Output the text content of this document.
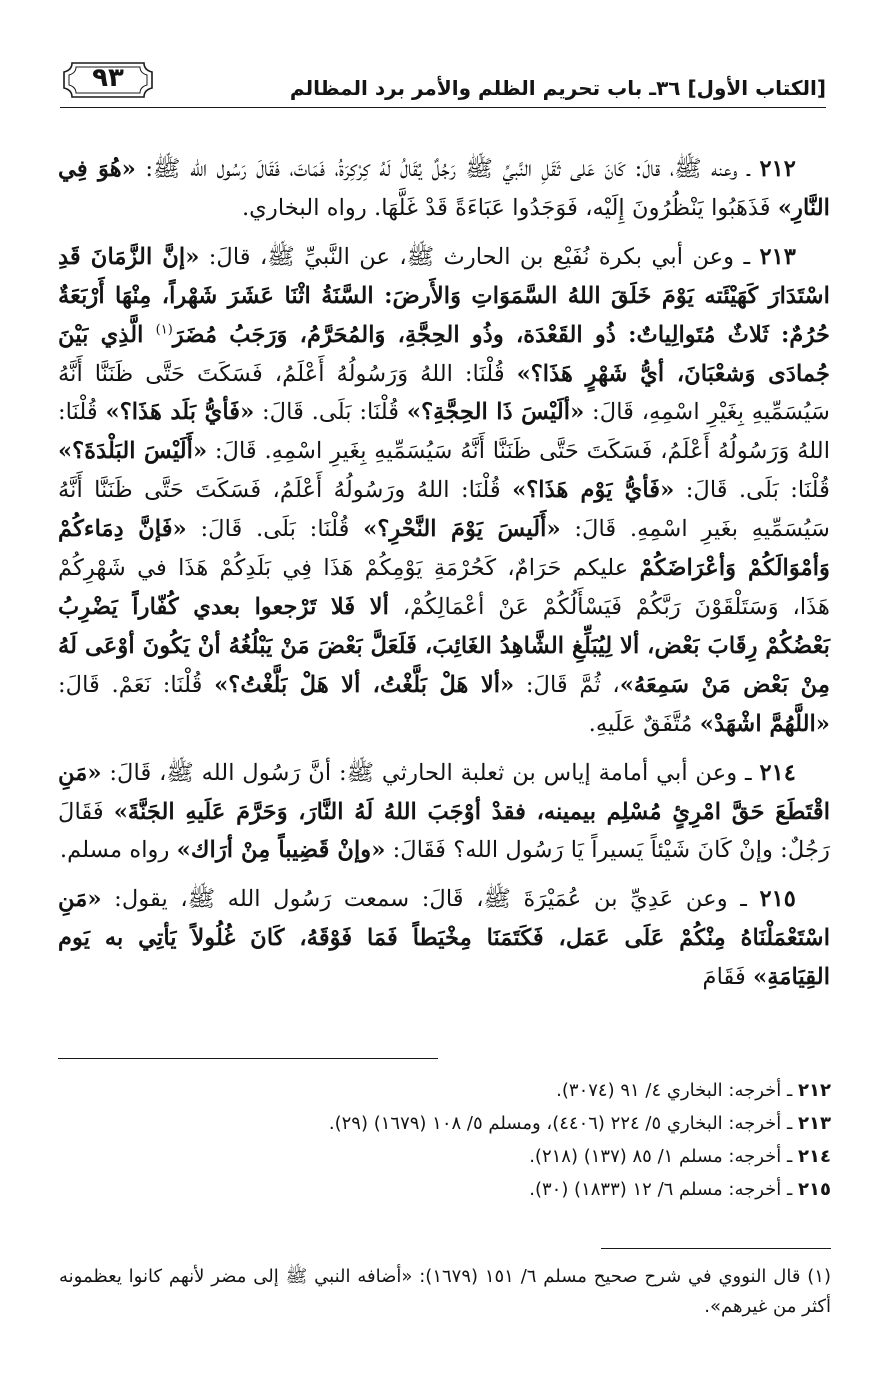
[الكتاب الأول] ٣٦ـ باب تحريم الظلم والأمر برد المظالم
٩٣

٢١٢ ـ وعنه ﷺ، قالَ: كَانَ عَلى ثَقَلِ النَّبيِّ ﷺ رَجُلٌ يُقَالُ لَهُ كِرْكِرَةُ، فَمَاتَ، فَقَالَ رَسُول الله ﷺ: «هُوَ فِي النَّارِ» فَذَهَبُوا يَنْظُرُونَ إِلَيْه، فَوَجَدُوا عَبَاءَةً قَدْ غَلَّهَا. رواه البخاري.

٢١٣ ـ وعن أبي بكرة نُفَيْع بن الحارث ﷺ، عن النَّبيِّ ﷺ، قالَ: «إنَّ الزَّمَانَ قَدِ اسْتَدَارَ كَهَيْئَته يَوْمَ خَلَقَ اللهُ السَّمَوَاتِ وَالأَرضَ: السَّنَةُ اثْنَا عَشَرَ شَهْراً، مِنْهَا أَرْبَعَةٌ حُرُمٌ: ثَلاثٌ مُتَوالِياتٌ: ذُو القَعْدَة، وذُو الحِجَّةِ، وَالمُحَرَّمُ، وَرَجَبُ مُضَرَ$^{(١)}$ الَّذِي بَيْنَ جُمادَى وَشعْبَانَ، أيُّ شَهْرٍ هَذَا؟» قُلْنَا: اللهُ وَرَسُولُهُ أَعْلَمُ، فَسَكَتَ حَتَّى ظَنَنَّا أَنَّهُ سَيُسَمِّيهِ بِغَيْرِ اسْمِهِ، قَالَ: «ألَيْسَ ذَا الحِجَّةِ؟» قُلْنَا: بَلَى. قَالَ: «فَأيُّ بَلَد هَذَا؟» قُلْنَا: اللهُ وَرَسُولُهُ أَعْلَمُ، فَسَكَتَ حَتَّى ظَنَنَّا أَنَّهُ سَيُسَمِّيهِ بِغَيرِ اسْمِهِ. قَالَ: «أَلَيْسَ البَلْدَةَ؟» قُلْنَا: بَلَى. قَالَ: «فَأيُّ يَوْم هَذَا؟» قُلْنَا: اللهُ ورَسُولُهُ أَعْلَمُ، فَسَكَتَ حَتَّى ظَنَنَّا أَنَّهُ سَيُسَمِّيهِ بغَيرِ اسْمِهِ. قَالَ: «أَلَيسَ يَوْمَ النَّحْرِ؟» قُلْنَا: بَلَى. قَالَ: «فَإنَّ دِمَاءكُمْ وَأمْوَالَكُمْ وَأعْرَاضَكُمْ عليكم حَرَامٌ، كَحُرْمَةِ يَوْمِكُمْ هَذَا فِي بَلَدِكُمْ هَذَا في شَهْرِكُمْ هَذَا، وَسَتَلْقَوْنَ رَبَّكُمْ فَيَسْأَلُكُمْ عَنْ أعْمَالِكُمْ، ألا فَلا تَرْجعوا بعدي كُفّاراً يَضْرِبُ بَعْضُكُمْ رِقَابَ بَعْض، ألا لِيُبَلِّغِ الشَّاهِدُ الغَائِبَ، فَلَعَلَّ بَعْضَ مَنْ يَبْلُغُهُ أنْ يَكُونَ أوْعَى لَهُ مِنْ بَعْض مَنْ سَمِعَهُ»، ثُمَّ قَالَ: «ألا هَلْ بَلَّغْتُ، ألا هَلْ بَلَّغْتُ؟» قُلْنَا: نَعَمْ. قَالَ: «اللَّهُمَّ اشْهَدْ» مُتَّفَقٌ عَلَيهِ.

٢١٤ ـ وعن أبي أمامة إياس بن ثعلبة الحارثي ﷺ: أنَّ رَسُول الله ﷺ، قَالَ: «مَنِ اقْتَطَعَ حَقَّ امْرِئٍ مُسْلِم بيمينه، فقدْ أوْجَبَ اللهُ لَهُ النَّارَ، وَحَرَّمَ عَلَيهِ الجَنَّةَ» فَقَالَ رَجُلٌ: وإنْ كَانَ شَيْئاً يَسيراً يَا رَسُول الله؟ فَقَالَ: «وإنْ قَضِيباً مِنْ أرَاك» رواه مسلم.

٢١٥ ـ وعن عَدِيِّ بن عُمَيْرَةَ ﷺ، قَالَ: سمعت رَسُول الله ﷺ، يقول: «مَنِ اسْتَعْمَلْنَاهُ مِنْكُمْ عَلَى عَمَل، فَكَتَمَنَا مِخْيَطاً فَمَا فَوْقَهُ، كَانَ غُلُولاً يَأتِي به يَوم القِيَامَةِ» فَقَامَ

٢١٢ ـ أخرجه: البخاري ٤/ ٩١ (٣٠٧٤).
٢١٣ ـ أخرجه: البخاري ٥/ ٢٢٤ (٤٤٠٦)، ومسلم ٥/ ١٠٨ (١٦٧٩) (٢٩).
٢١٤ ـ أخرجه: مسلم ١/ ٨٥ (١٣٧) (٢١٨).
٢١٥ ـ أخرجه: مسلم ٦/ ١٢ (١٨٣٣) (٣٠).
(١) قال النووي في شرح صحيح مسلم ٦/ ١٥١ (١٦٧٩): «أضافه النبي ﷺ إلى مضر لأنهم كانوا يعظمونه أكثر من غيرهم».
